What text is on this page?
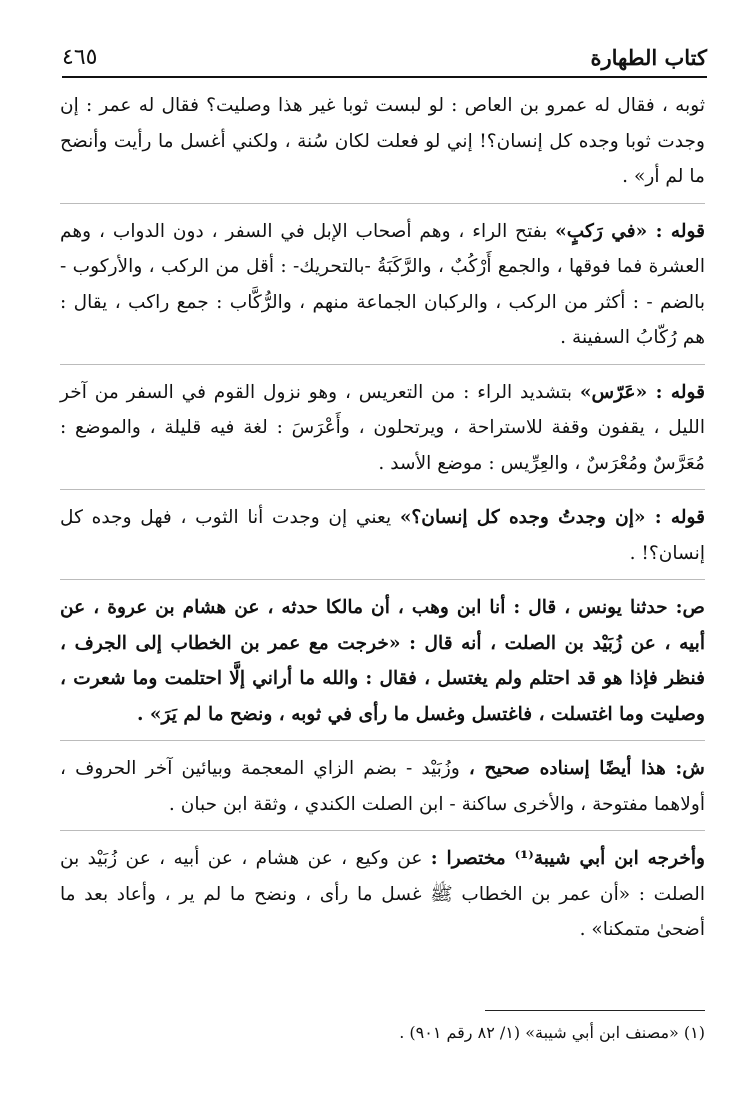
٤٦٥	كتاب الطهارة

ثوبه ، فقال له عمرو بن العاص : لو لبست ثوبا غير هذا وصليت؟ فقال له عمر : إن وجدت ثوبا وجده كل إنسان؟! إني لو فعلت لكان سُنة ، ولكني أغسل ما رأيت وأنضح ما لم أر» .

قوله : «في رَكبٍ» بفتح الراء ، وهم أصحاب الإبل في السفر ، دون الدواب ، وهم العشرة فما فوقها ، والجمع أَرْكُبٌ ، والرَّكَبَةُ -بالتحريك- : أقل من الركب ، والأركوب - بالضم - : أكثر من الركب ، والركبان الجماعة منهم ، والرُّكَّاب : جمع راكب ، يقال : هم رُكّابُ السفينة .

قوله : «عَرّس» بتشديد الراء : من التعريس ، وهو نزول القوم في السفر من آخر الليل ، يقفون وقفة للاستراحة ، ويرتحلون ، وأَعْرَسَ : لغة فيه قليلة ، والموضع : مُعَرَّسٌ ومُعْرَسٌ ، والعِرِّيس : موضع الأسد .

قوله : «إن وجدتُ وجده كل إنسان؟» يعني إن وجدت أنا الثوب ، فهل وجده كل إنسان؟! .

ص: حدثنا يونس ، قال : أنا ابن وهب ، أن مالكا حدثه ، عن هشام بن عروة ، عن أبيه ، عن زُبَيْد بن الصلت ، أنه قال : «خرجت مع عمر بن الخطاب إلى الجرف ، فنظر فإذا هو قد احتلم ولم يغتسل ، فقال : والله ما أراني إلَّا احتلمت وما شعرت ، وصليت وما اغتسلت ، فاغتسل وغسل ما رأى في ثوبه ، ونضح ما لم يَرَ» .

ش: هذا أيضًا إسناده صحيح ، وزُبَيْد - بضم الزاي المعجمة وبيائين آخر الحروف ، أولاهما مفتوحة ، والأخرى ساكنة - ابن الصلت الكندي ، وثقة ابن حبان .

وأخرجه ابن أبي شيبة⁽¹⁾ مختصرا : عن وكيع ، عن هشام ، عن أبيه ، عن زُبَيْد بن الصلت : «أن عمر بن الخطاب ﷺ غسل ما رأى ، ونضح ما لم ير ، وأعاد بعد ما أضحىٰ متمكنا» .

(١) «مصنف ابن أبي شيبة» (١/ ٨٢ رقم ٩٠١) .
